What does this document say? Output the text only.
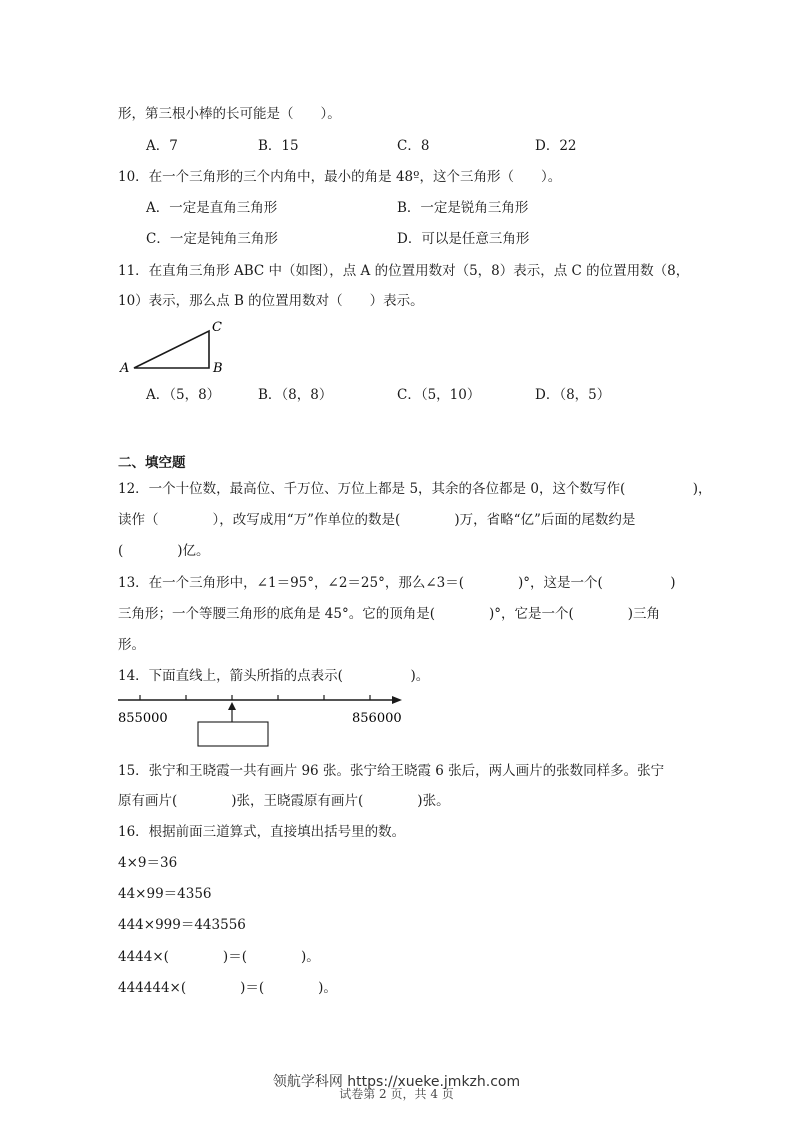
形，第三根小棒的长可能是（　　）。
A．7	B．15	C．8	D．22
10．在一个三角形的三个内角中，最小的角是 48º，这个三角形（　　）。
A．一定是直角三角形	B．一定是锐角三角形
C．一定是钝角三角形	D．可以是任意三角形
11．在直角三角形 ABC 中（如图），点 A 的位置用数对（5，8）表示，点 C 的位置用数（8，
10）表示，那么点 B 的位置用数对（　　）表示。
A	B
C
A．（5，8）	B．（8，8）	C．（5，10）	D．（8，5）
二、填空题
12．一个十位数，最高位、千万位、万位上都是 5，其余的各位都是 0，这个数写作(　　　　　)，
读作（　　　　），改写成用“万”作单位的数是(　　　　)万，省略“亿”后面的尾数约是
(　　　　)亿。
13．在一个三角形中，∠1＝95°，∠2＝25°，那么∠3＝(　　　　)°，这是一个(　　　　　)
三角形；一个等腰三角形的底角是 45°。它的顶角是(　　　　)°，它是一个(　　　　)三角
形。
14．下面直线上，箭头所指的点表示(　　　　　)。
855000	856000
15．张宁和王晓霞一共有画片 96 张。张宁给王晓霞 6 张后，两人画片的张数同样多。张宁
原有画片(　　　　)张，王晓霞原有画片(　　　　)张。
16．根据前面三道算式，直接填出括号里的数。
4×9＝36
44×99＝4356
444×999＝443556
4444×(　　　　)＝(　　　　)。
444444×(　　　　)＝(　　　　)。
领航学科网 https://xueke.jmkzh.com
试卷第 2 页，共 4 页
